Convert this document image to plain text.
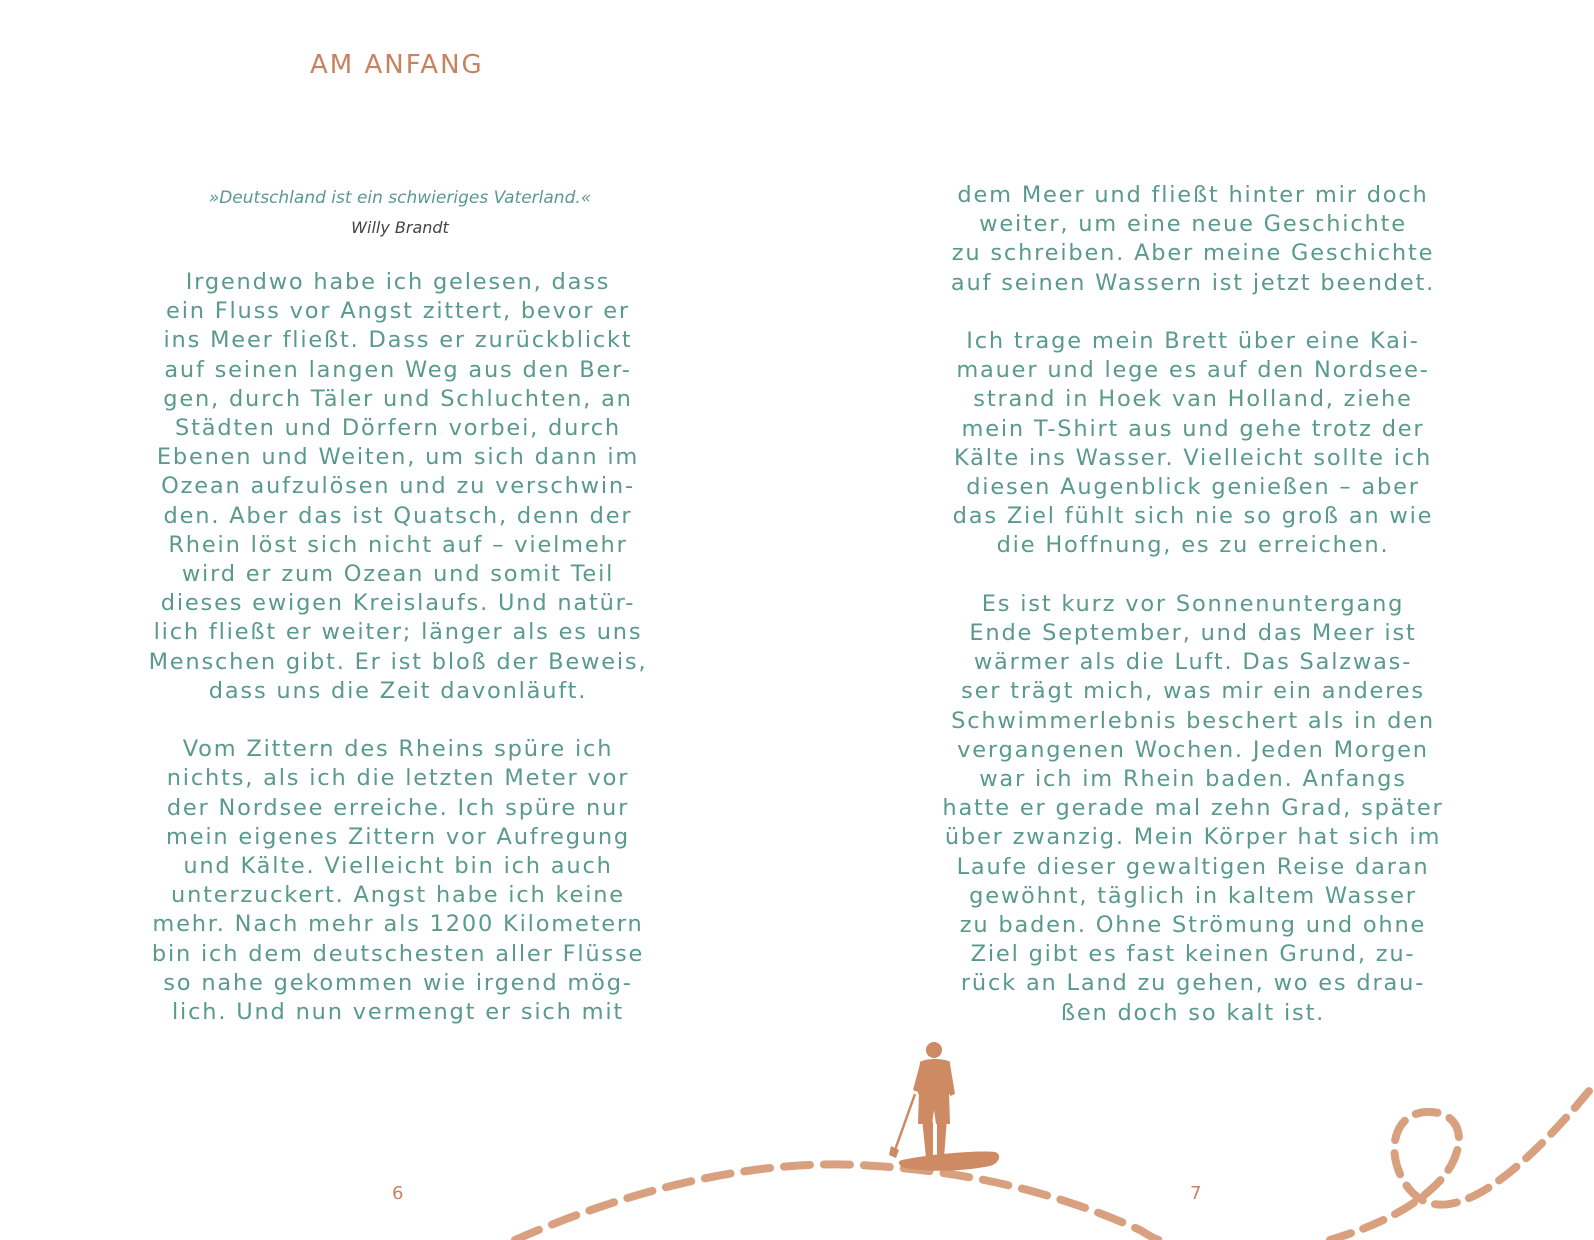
AM ANFANG
»Deutschland ist ein schwieriges Vaterland.«
Willy Brandt

Irgendwo habe ich gelesen, dass
ein Fluss vor Angst zittert, bevor er
ins Meer fließt. Dass er zurückblickt
auf seinen langen Weg aus den Ber-
gen, durch Täler und Schluchten, an
Städten und Dörfern vorbei, durch
Ebenen und Weiten, um sich dann im
Ozean aufzulösen und zu verschwin-
den. Aber das ist Quatsch, denn der
Rhein löst sich nicht auf – vielmehr
wird er zum Ozean und somit Teil
dieses ewigen Kreislaufs. Und natür-
lich fließt er weiter; länger als es uns
Menschen gibt. Er ist bloß der Beweis,
dass uns die Zeit davonläuft.

Vom Zittern des Rheins spüre ich
nichts, als ich die letzten Meter vor
der Nordsee erreiche. Ich spüre nur
mein eigenes Zittern vor Aufregung
und Kälte. Vielleicht bin ich auch
unterzuckert. Angst habe ich keine
mehr. Nach mehr als 1200 Kilometern
bin ich dem deutschesten aller Flüsse
so nahe gekommen wie irgend mög-
lich. Und nun vermengt er sich mit

dem Meer und fließt hinter mir doch
weiter, um eine neue Geschichte
zu schreiben. Aber meine Geschichte
auf seinen Wassern ist jetzt beendet.

Ich trage mein Brett über eine Kai-
mauer und lege es auf den Nordsee-
strand in Hoek van Holland, ziehe
mein T-Shirt aus und gehe trotz der
Kälte ins Wasser. Vielleicht sollte ich
diesen Augenblick genießen – aber
das Ziel fühlt sich nie so groß an wie
die Hoffnung, es zu erreichen.

Es ist kurz vor Sonnenuntergang
Ende September, und das Meer ist
wärmer als die Luft. Das Salzwas-
ser trägt mich, was mir ein anderes
Schwimmerlebnis beschert als in den
vergangenen Wochen. Jeden Morgen
war ich im Rhein baden. Anfangs
hatte er gerade mal zehn Grad, später
über zwanzig. Mein Körper hat sich im
Laufe dieser gewaltigen Reise daran
gewöhnt, täglich in kaltem Wasser
zu baden. Ohne Strömung und ohne
Ziel gibt es fast keinen Grund, zu-
rück an Land zu gehen, wo es drau-
ßen doch so kalt ist.

6	7
